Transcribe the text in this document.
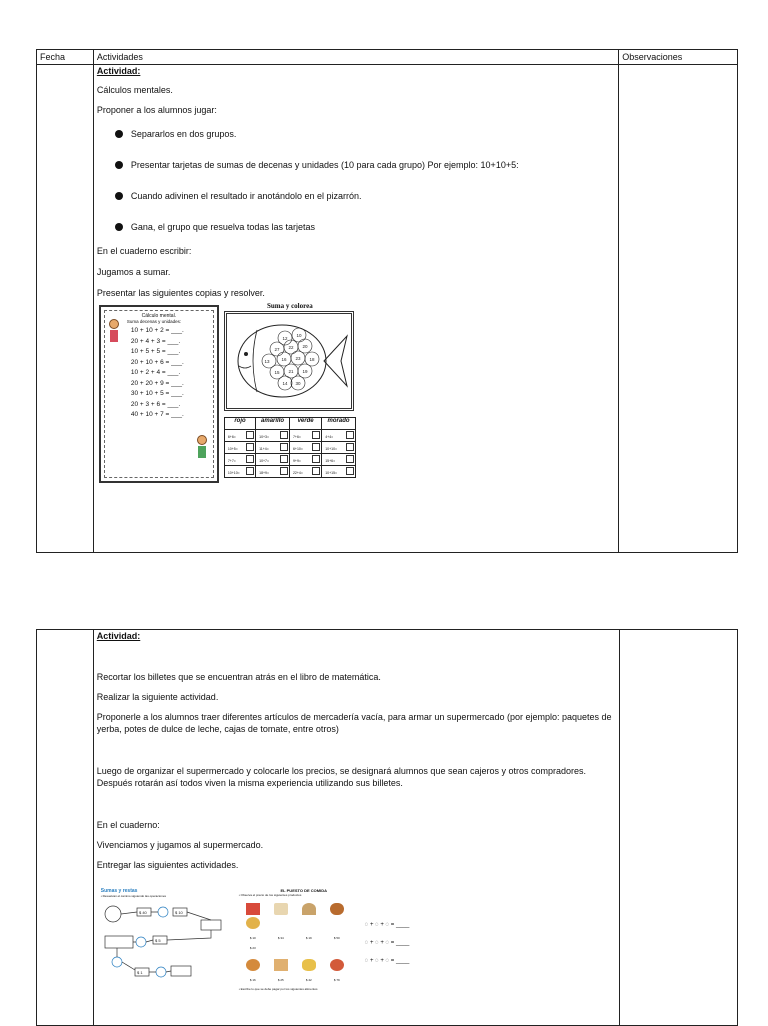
Fecha	Actividades	Observaciones

Actividad:

Cálculos mentales.

Proponer a los alumnos jugar:

Separarlos en dos grupos.
Presentar tarjetas de sumas de decenas y unidades (10 para cada grupo) Por ejemplo: 10+10+5:
Cuando adivinen el resultado ir anotándolo en el pizarrón.
Gana, el grupo que resuelva todas las tarjetas

En el cuaderno escribir:

Jugamos a sumar.

Presentar las siguientes copias y resolver.

Cálculo mental.
Suma decenas y unidades:
10 + 10 + 2 = ___.
20 + 4 + 3 = ___.
10 + 5 + 5 = ___.
20 + 10 + 6 = ___.
10 + 2 + 4 = ___.
20 + 20 + 9 = ___.
30 + 10 + 5 = ___.
20 + 3 + 6 = ___.
40 + 10 + 7 = ___.
Suma y colorea
13
12
10
22
27
20
18
23
16
19
21
15
14 30
rojo	amarillo	verde	morado
6+6=	10+3=	7+6=	4+4=

10+5=	11+4=	6+10=	10+10=

7+7=	10+7=	9+9=	15+6=

10+10=	18+9=	22+4=	10+15=

Actividad:

Recortar los billetes que se encuentran atrás en el libro de matemática.

Realizar la siguiente actividad.

Proponerle a los alumnos traer diferentes artículos de mercadería vacía, para armar un supermercado (por ejemplo: paquetes de yerba, potes de dulce de leche, cajas de tomate, entre otros)

Luego de organizar el supermercado y colocarle los precios, se designará alumnos que sean cajeros y otros compradores. Después rotarán así todos viven la misma experiencia utilizando sus billetes.

En el cuaderno:

Vivenciamos y jugamos al supermercado.

Entregar las siguientes actividades.

Sumas y restas
• Resuelvan el camino siguiendo las operaciones
$ 40	$ 10
$ 5
$ 1
EL PUESTO DE COMIDA
• Observa el precio de los siguientes productos
$ 10	$ 34	$ 19	$ 50$ 23
$ 16	$ 25	$ 42	$ 79
• Escribe lo que se debe pagar por los siguientes alimentos
◌ + ◌ + ◌ = ____
◌ + ◌ + ◌ = ____
◌ + ◌ + ◌ = ____
